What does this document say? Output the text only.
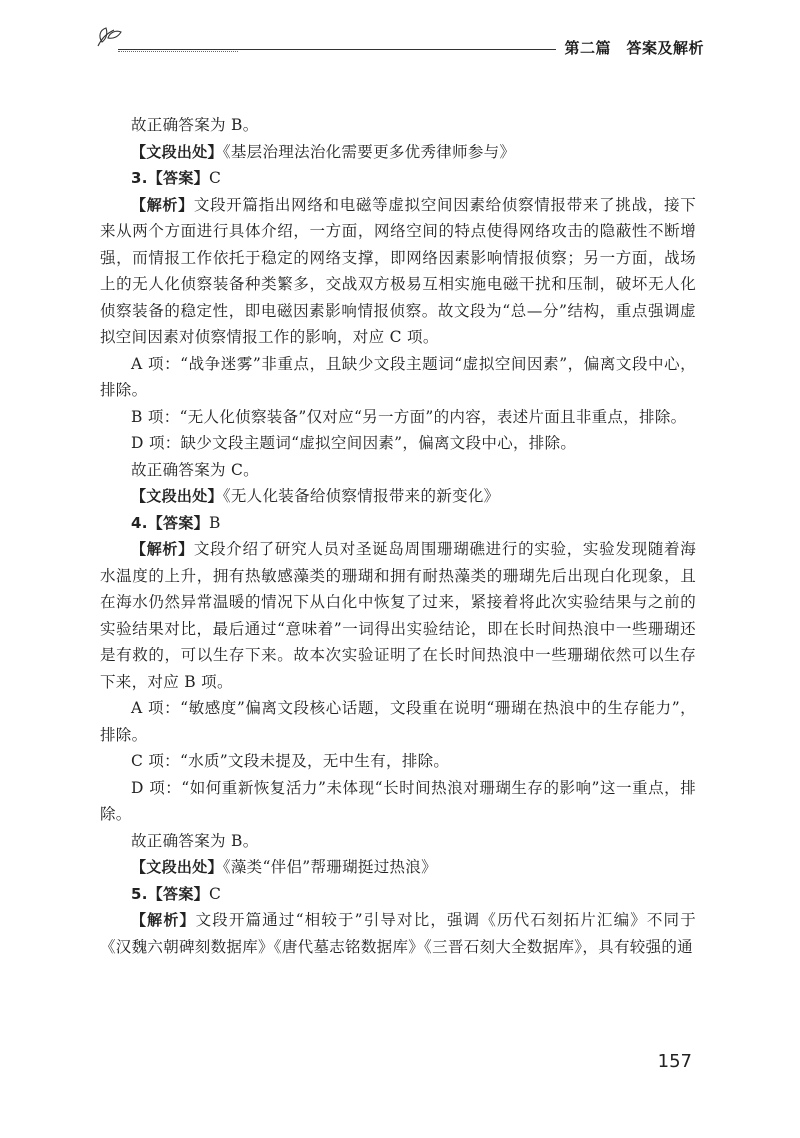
第二篇　答案及解析

故正确答案为 B。

【文段出处】《基层治理法治化需要更多优秀律师参与》

3.【答案】C

【解析】文段开篇指出网络和电磁等虚拟空间因素给侦察情报带来了挑战，接下来从两个方面进行具体介绍，一方面，网络空间的特点使得网络攻击的隐蔽性不断增强，而情报工作依托于稳定的网络支撑，即网络因素影响情报侦察；另一方面，战场上的无人化侦察装备种类繁多，交战双方极易互相实施电磁干扰和压制，破坏无人化侦察装备的稳定性，即电磁因素影响情报侦察。故文段为“总—分”结构，重点强调虚拟空间因素对侦察情报工作的影响，对应 C 项。

A 项：“战争迷雾”非重点，且缺少文段主题词“虚拟空间因素”，偏离文段中心，排除。

B 项：“无人化侦察装备”仅对应“另一方面”的内容，表述片面且非重点，排除。

D 项：缺少文段主题词“虚拟空间因素”，偏离文段中心，排除。

故正确答案为 C。

【文段出处】《无人化装备给侦察情报带来的新变化》

4.【答案】B

【解析】文段介绍了研究人员对圣诞岛周围珊瑚礁进行的实验，实验发现随着海水温度的上升，拥有热敏感藻类的珊瑚和拥有耐热藻类的珊瑚先后出现白化现象，且在海水仍然异常温暖的情况下从白化中恢复了过来，紧接着将此次实验结果与之前的实验结果对比，最后通过“意味着”一词得出实验结论，即在长时间热浪中一些珊瑚还是有救的，可以生存下来。故本次实验证明了在长时间热浪中一些珊瑚依然可以生存下来，对应 B 项。

A 项：“敏感度”偏离文段核心话题，文段重在说明“珊瑚在热浪中的生存能力”，排除。

C 项：“水质”文段未提及，无中生有，排除。

D 项：“如何重新恢复活力”未体现“长时间热浪对珊瑚生存的影响”这一重点，排除。

故正确答案为 B。

【文段出处】《藻类“伴侣”帮珊瑚挺过热浪》

5.【答案】C

【解析】文段开篇通过“相较于”引导对比，强调《历代石刻拓片汇编》不同于《汉魏六朝碑刻数据库》《唐代墓志铭数据库》《三晋石刻大全数据库》，具有较强的通

157
